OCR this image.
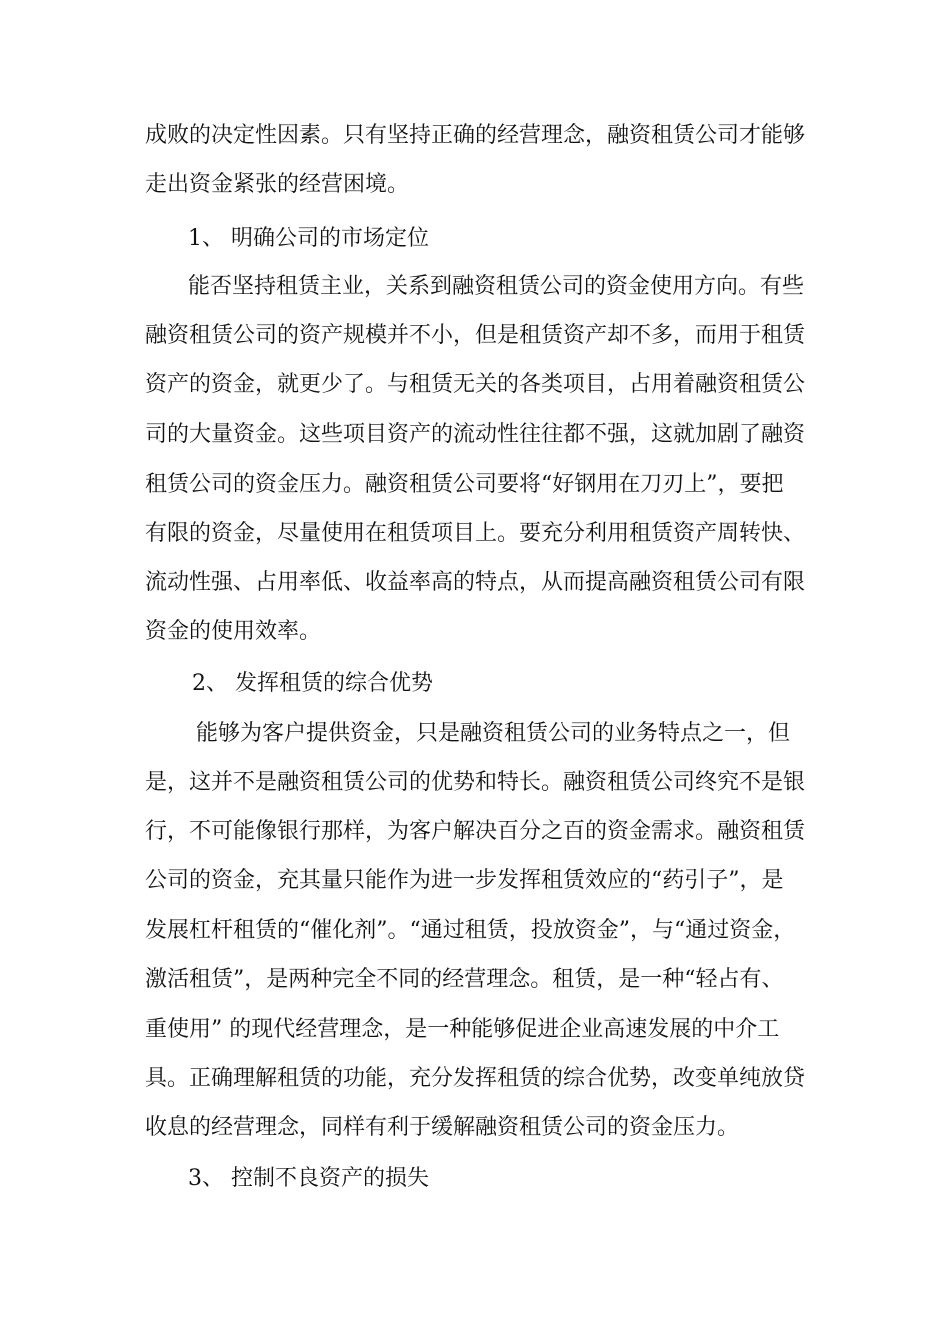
成败的决定性因素。只有坚持正确的经营理念，融资租赁公司才能够
走出资金紧张的经营困境。
1、 明确公司的市场定位
能否坚持租赁主业，关系到融资租赁公司的资金使用方向。有些
融资租赁公司的资产规模并不小，但是租赁资产却不多，而用于租赁
资产的资金，就更少了。与租赁无关的各类项目，占用着融资租赁公
司的大量资金。这些项目资产的流动性往往都不强，这就加剧了融资
租赁公司的资金压力。融资租赁公司要将“好钢用在刀刃上”，要把
有限的资金，尽量使用在租赁项目上。要充分利用租赁资产周转快、
流动性强、占用率低、收益率高的特点，从而提高融资租赁公司有限
资金的使用效率。
2、 发挥租赁的综合优势
能够为客户提供资金，只是融资租赁公司的业务特点之一，但
是，这并不是融资租赁公司的优势和特长。融资租赁公司终究不是银
行，不可能像银行那样，为客户解决百分之百的资金需求。融资租赁
公司的资金，充其量只能作为进一步发挥租赁效应的“药引子”，是
发展杠杆租赁的“催化剂”。“通过租赁，投放资金”，与“通过资金，
激活租赁”，是两种完全不同的经营理念。租赁，是一种“轻占有、
重使用” 的现代经营理念，是一种能够促进企业高速发展的中介工
具。正确理解租赁的功能，充分发挥租赁的综合优势，改变单纯放贷
收息的经营理念，同样有利于缓解融资租赁公司的资金压力。
3、 控制不良资产的损失
